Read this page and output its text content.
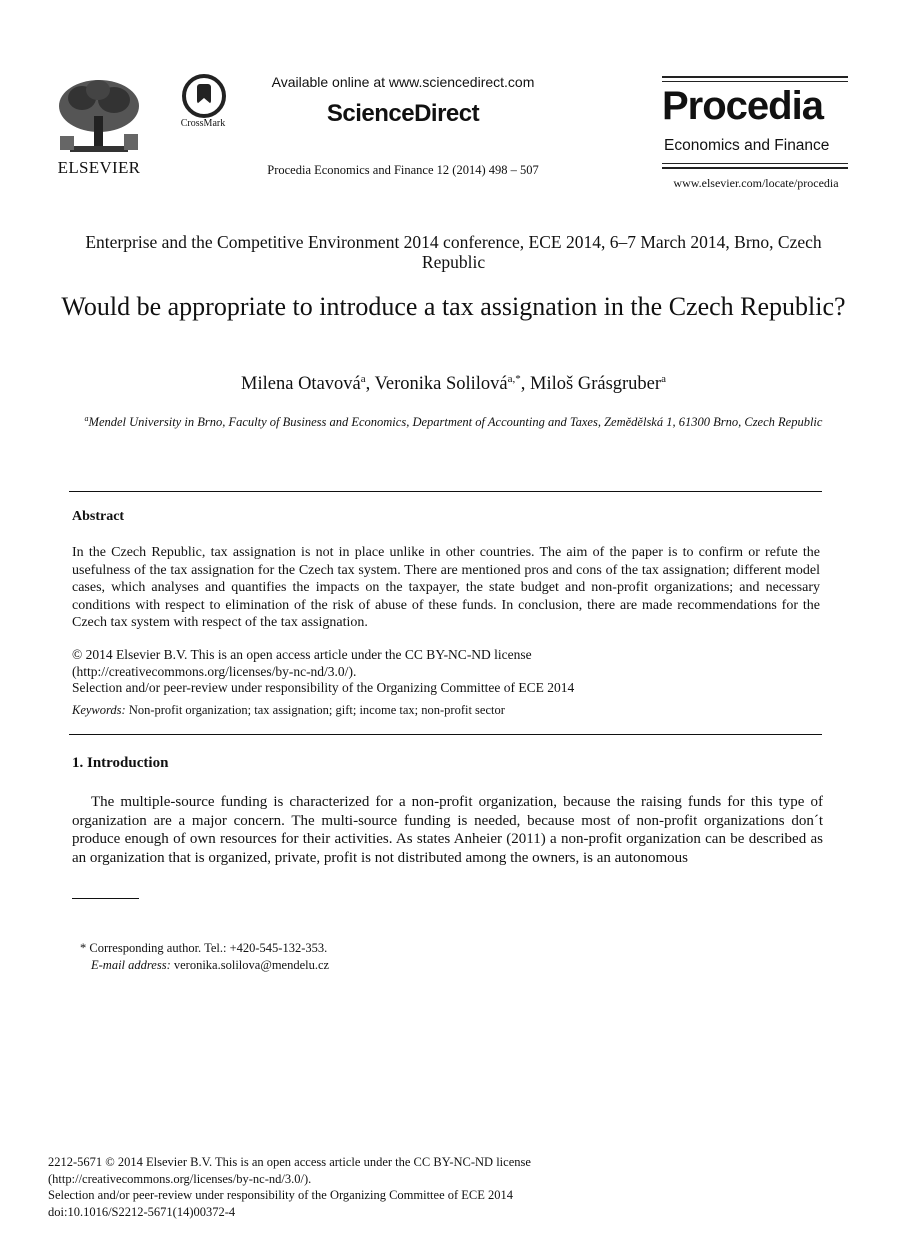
ELSEVIER
CrossMark
Available online at www.sciencedirect.com
ScienceDirect
Procedia Economics and Finance 12 (2014) 498 – 507
Procedia
Economics and Finance
www.elsevier.com/locate/procedia
Enterprise and the Competitive Environment 2014 conference, ECE 2014, 6–7 March 2014, Brno, Czech Republic
Would be appropriate to introduce a tax assignation in the Czech Republic?
Milena Otavová$^a$, Veronika Solilová$^{a,*}$, Miloš Grásgruber$^a$
$^a$Mendel University in Brno, Faculty of Business and Economics, Department of Accounting and Taxes, Zemědělská 1, 61300 Brno, Czech Republic
Abstract
In the Czech Republic, tax assignation is not in place unlike in other countries. The aim of the paper is to confirm or refute the usefulness of the tax assignation for the Czech tax system. There are mentioned pros and cons of the tax assignation; different model cases, which analyses and quantifies the impacts on the taxpayer, the state budget and non-profit organizations; and necessary conditions with respect to elimination of the risk of abuse of these funds. In conclusion, there are made recommendations for the Czech tax system with respect of the tax assignation.
© 2014 Elsevier B.V. This is an open access article under the CC BY-NC-ND license
(http://creativecommons.org/licenses/by-nc-nd/3.0/).
Selection and/or peer-review under responsibility of the Organizing Committee of ECE 2014
Keywords: Non-profit organization; tax assignation; gift; income tax; non-profit sector
1. Introduction
The multiple-source funding is characterized for a non-profit organization, because the raising funds for this type of organization are a major concern. The multi-source funding is needed, because most of non-profit organizations don´t produce enough of own resources for their activities. As states Anheier (2011) a non-profit organization can be described as an organization that is organized, private, profit is not distributed among the owners, is an autonomous
* Corresponding author. Tel.: +420-545-132-353.
E-mail address: veronika.solilova@mendelu.cz
2212-5671 © 2014 Elsevier B.V. This is an open access article under the CC BY-NC-ND license
(http://creativecommons.org/licenses/by-nc-nd/3.0/).
Selection and/or peer-review under responsibility of the Organizing Committee of ECE 2014
doi:10.1016/S2212-5671(14)00372-4
